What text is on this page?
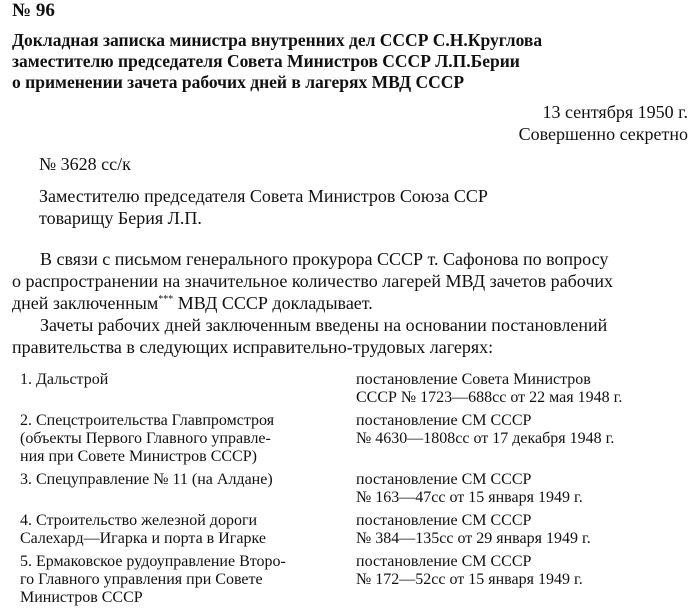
№ 96
Докладная записка министра внутренних дел СССР С.Н.Круглова
заместителю председателя Совета Министров СССР Л.П.Берии
о применении зачета рабочих дней в лагерях МВД СССР
13 сентября 1950 г.
Совершенно секретно
№ 3628 сс/к
Заместителю председателя Совета Министров Союза ССР
товарищу Берия Л.П.
В связи с письмом генерального прокурора СССР т. Сафонова по вопросу
о распространении на значительное количество лагерей МВД зачетов рабочих
дней заключенным*** МВД СССР докладывает.
Зачеты рабочих дней заключенным введены на основании постановлений
правительства в следующих исправительно-трудовых лагерях:
1. Дальстрой	постановление Совета Министров
СССР № 1723—688сс от 22 мая 1948 г.
2. Спецстроительства Главпромстроя
(объекты Первого Главного управле-
ния при Совете Министров СССР)
постановление СМ СССР
№ 4630—1808сс от 17 декабря 1948 г.
3. Спецуправление № 11 (на Алдане)	постановление СМ СССР
№ 163—47сс от 15 января 1949 г.
4. Строительство железной дороги
Салехард—Игарка и порта в Игарке
постановление СМ СССР
№ 384—135сс от 29 января 1949 г.
5. Ермаковское рудоуправление Второ-
го Главного управления при Совете
Министров СССР
постановление СМ СССР
№ 172—52сс от 15 января 1949 г.
